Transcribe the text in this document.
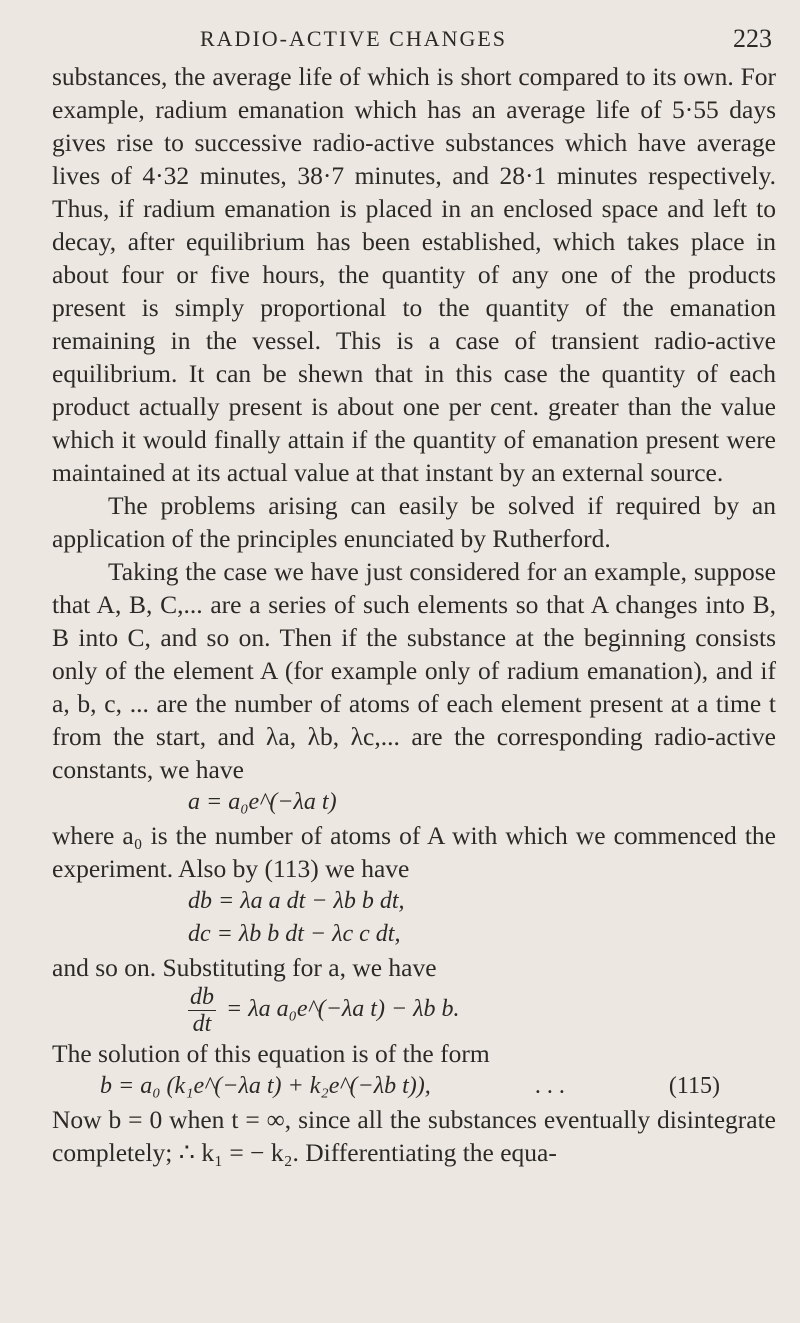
RADIO-ACTIVE CHANGES	223

substances, the average life of which is short compared to its own. For example, radium emanation which has an average life of 5·55 days gives rise to successive radio-active substances which have average lives of 4·32 minutes, 38·7 minutes, and 28·1 minutes respectively. Thus, if radium emanation is placed in an enclosed space and left to decay, after equilibrium has been established, which takes place in about four or five hours, the quantity of any one of the products present is simply proportional to the quantity of the emanation remaining in the vessel. This is a case of transient radio-active equilibrium. It can be shewn that in this case the quantity of each product actually present is about one per cent. greater than the value which it would finally attain if the quantity of emanation present were maintained at its actual value at that instant by an external source.

The problems arising can easily be solved if required by an application of the principles enunciated by Rutherford.

Taking the case we have just considered for an example, suppose that A, B, C,... are a series of such elements so that A changes into B, B into C, and so on. Then if the substance at the beginning consists only of the element A (for example only of radium emanation), and if a, b, c, ... are the number of atoms of each element present at a time t from the start, and λa, λb, λc,... are the corresponding radio-active constants, we have

a = a₀e^(−λa t)

where a₀ is the number of atoms of A with which we commenced the experiment. Also by (113) we have

db = λa a dt − λb b dt,
dc = λb b dt − λc c dt,

and so on. Substituting for a, we have

$\frac{db}{dt} = \lambda a$ a₀e^(−λa t) − λb b.

The solution of this equation is of the form

b = a₀ (k₁e^(−λa t) + k₂e^(−λb t)),	. . .	(115)

Now b = 0 when t = ∞, since all the substances eventually disintegrate completely; ∴ k₁ = − k₂. Differentiating the equa-
